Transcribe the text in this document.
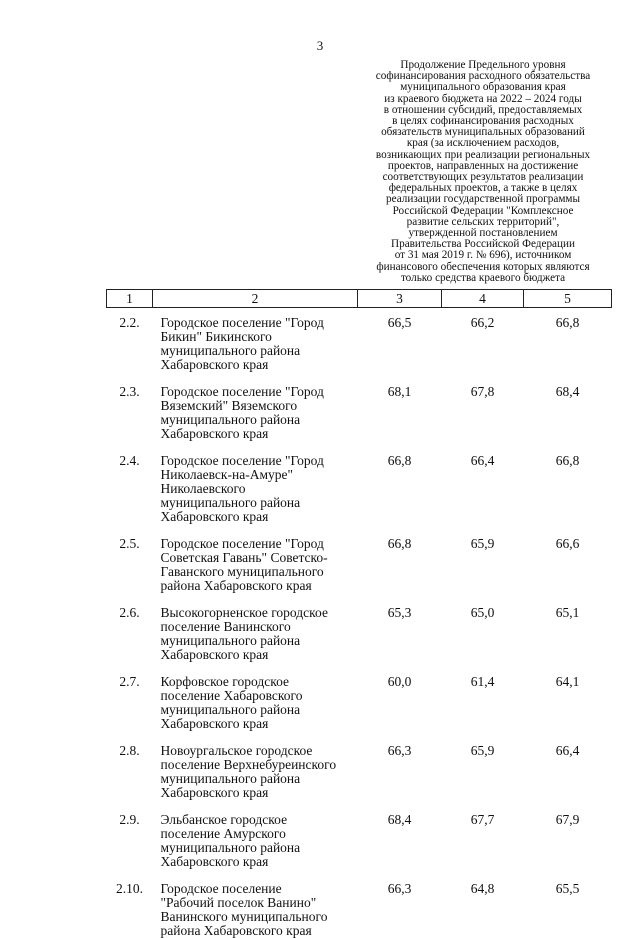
3
Продолжение Предельного уровня
софинансирования расходного обязательства
муниципального образования края
из краевого бюджета на 2022 – 2024 годы
в отношении субсидий, предоставляемых
в целях софинансирования расходных
обязательств муниципальных образований
края (за исключением расходов,
возникающих при реализации региональных
проектов, направленных на достижение
соответствующих результатов реализации
федеральных проектов, а также в целях
реализации государственной программы
Российской Федерации "Комплексное
развитие сельских территорий",
утвержденной постановлением
Правительства Российской Федерации
от 31 мая 2019 г. № 696), источником
финансового обеспечения которых являются
только средства краевого бюджета
1	2	3	4	5
2.2.	Городское поселение "Город
Бикин" Бикинского
муниципального района
Хабаровского края	66,5	66,2	66,8
2.3.	Городское поселение "Город
Вяземский" Вяземского
муниципального района
Хабаровского края	68,1	67,8	68,4
2.4.	Городское поселение "Город
Николаевск-на-Амуре"
Николаевского
муниципального района
Хабаровского края	66,8	66,4	66,8
2.5.	Городское поселение "Город
Советская Гавань" Советско-
Гаванского муниципального
района Хабаровского края	66,8	65,9	66,6
2.6.	Высокогорненское городское
поселение Ванинского
муниципального района
Хабаровского края	65,3	65,0	65,1
2.7.	Корфовское городское
поселение Хабаровского
муниципального района
Хабаровского края	60,0	61,4	64,1
2.8.	Новоургальское городское
поселение Верхнебуреинского
муниципального района
Хабаровского края	66,3	65,9	66,4
2.9.	Эльбанское городское
поселение Амурского
муниципального района
Хабаровского края	68,4	67,7	67,9
2.10.	Городское поселение
"Рабочий поселок Ванино"
Ванинского муниципального
района Хабаровского края	66,3	64,8	65,5
